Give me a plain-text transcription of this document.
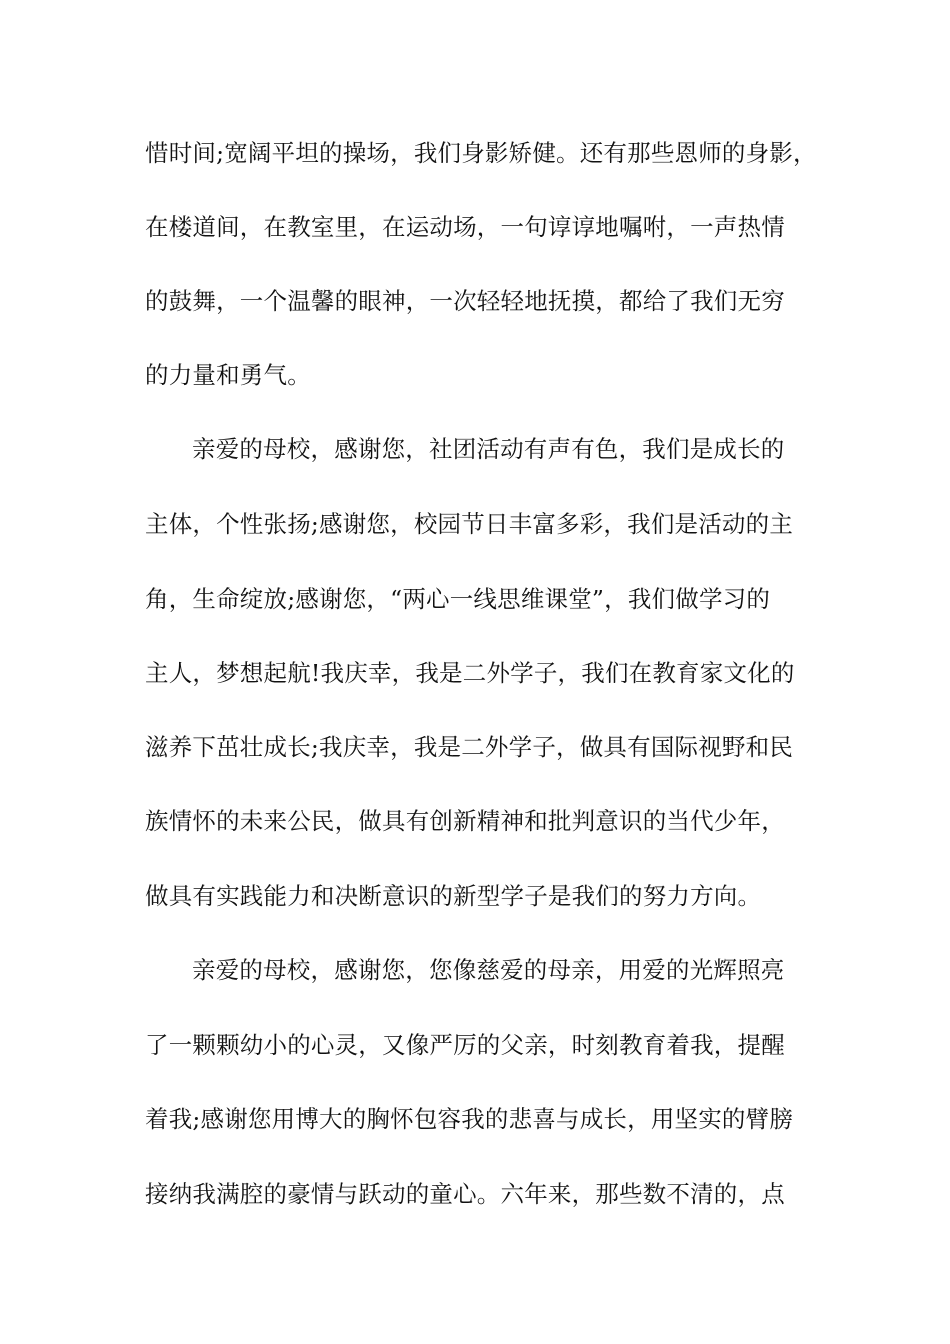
惜时间;宽阔平坦的操场，我们身影矫健。还有那些恩师的身影，
在楼道间，在教室里，在运动场，一句谆谆地嘱咐，一声热情
的鼓舞，一个温馨的眼神，一次轻轻地抚摸，都给了我们无穷
的力量和勇气。
亲爱的母校，感谢您，社团活动有声有色，我们是成长的
主体，个性张扬;感谢您，校园节日丰富多彩，我们是活动的主
角，生命绽放;感谢您，“两心一线思维课堂”，我们做学习的
主人，梦想起航!我庆幸，我是二外学子，我们在教育家文化的
滋养下茁壮成长;我庆幸，我是二外学子，做具有国际视野和民
族情怀的未来公民，做具有创新精神和批判意识的当代少年，
做具有实践能力和决断意识的新型学子是我们的努力方向。
亲爱的母校，感谢您，您像慈爱的母亲，用爱的光辉照亮
了一颗颗幼小的心灵，又像严厉的父亲，时刻教育着我，提醒
着我;感谢您用博大的胸怀包容我的悲喜与成长，用坚实的臂膀
接纳我满腔的豪情与跃动的童心。六年来，那些数不清的，点
